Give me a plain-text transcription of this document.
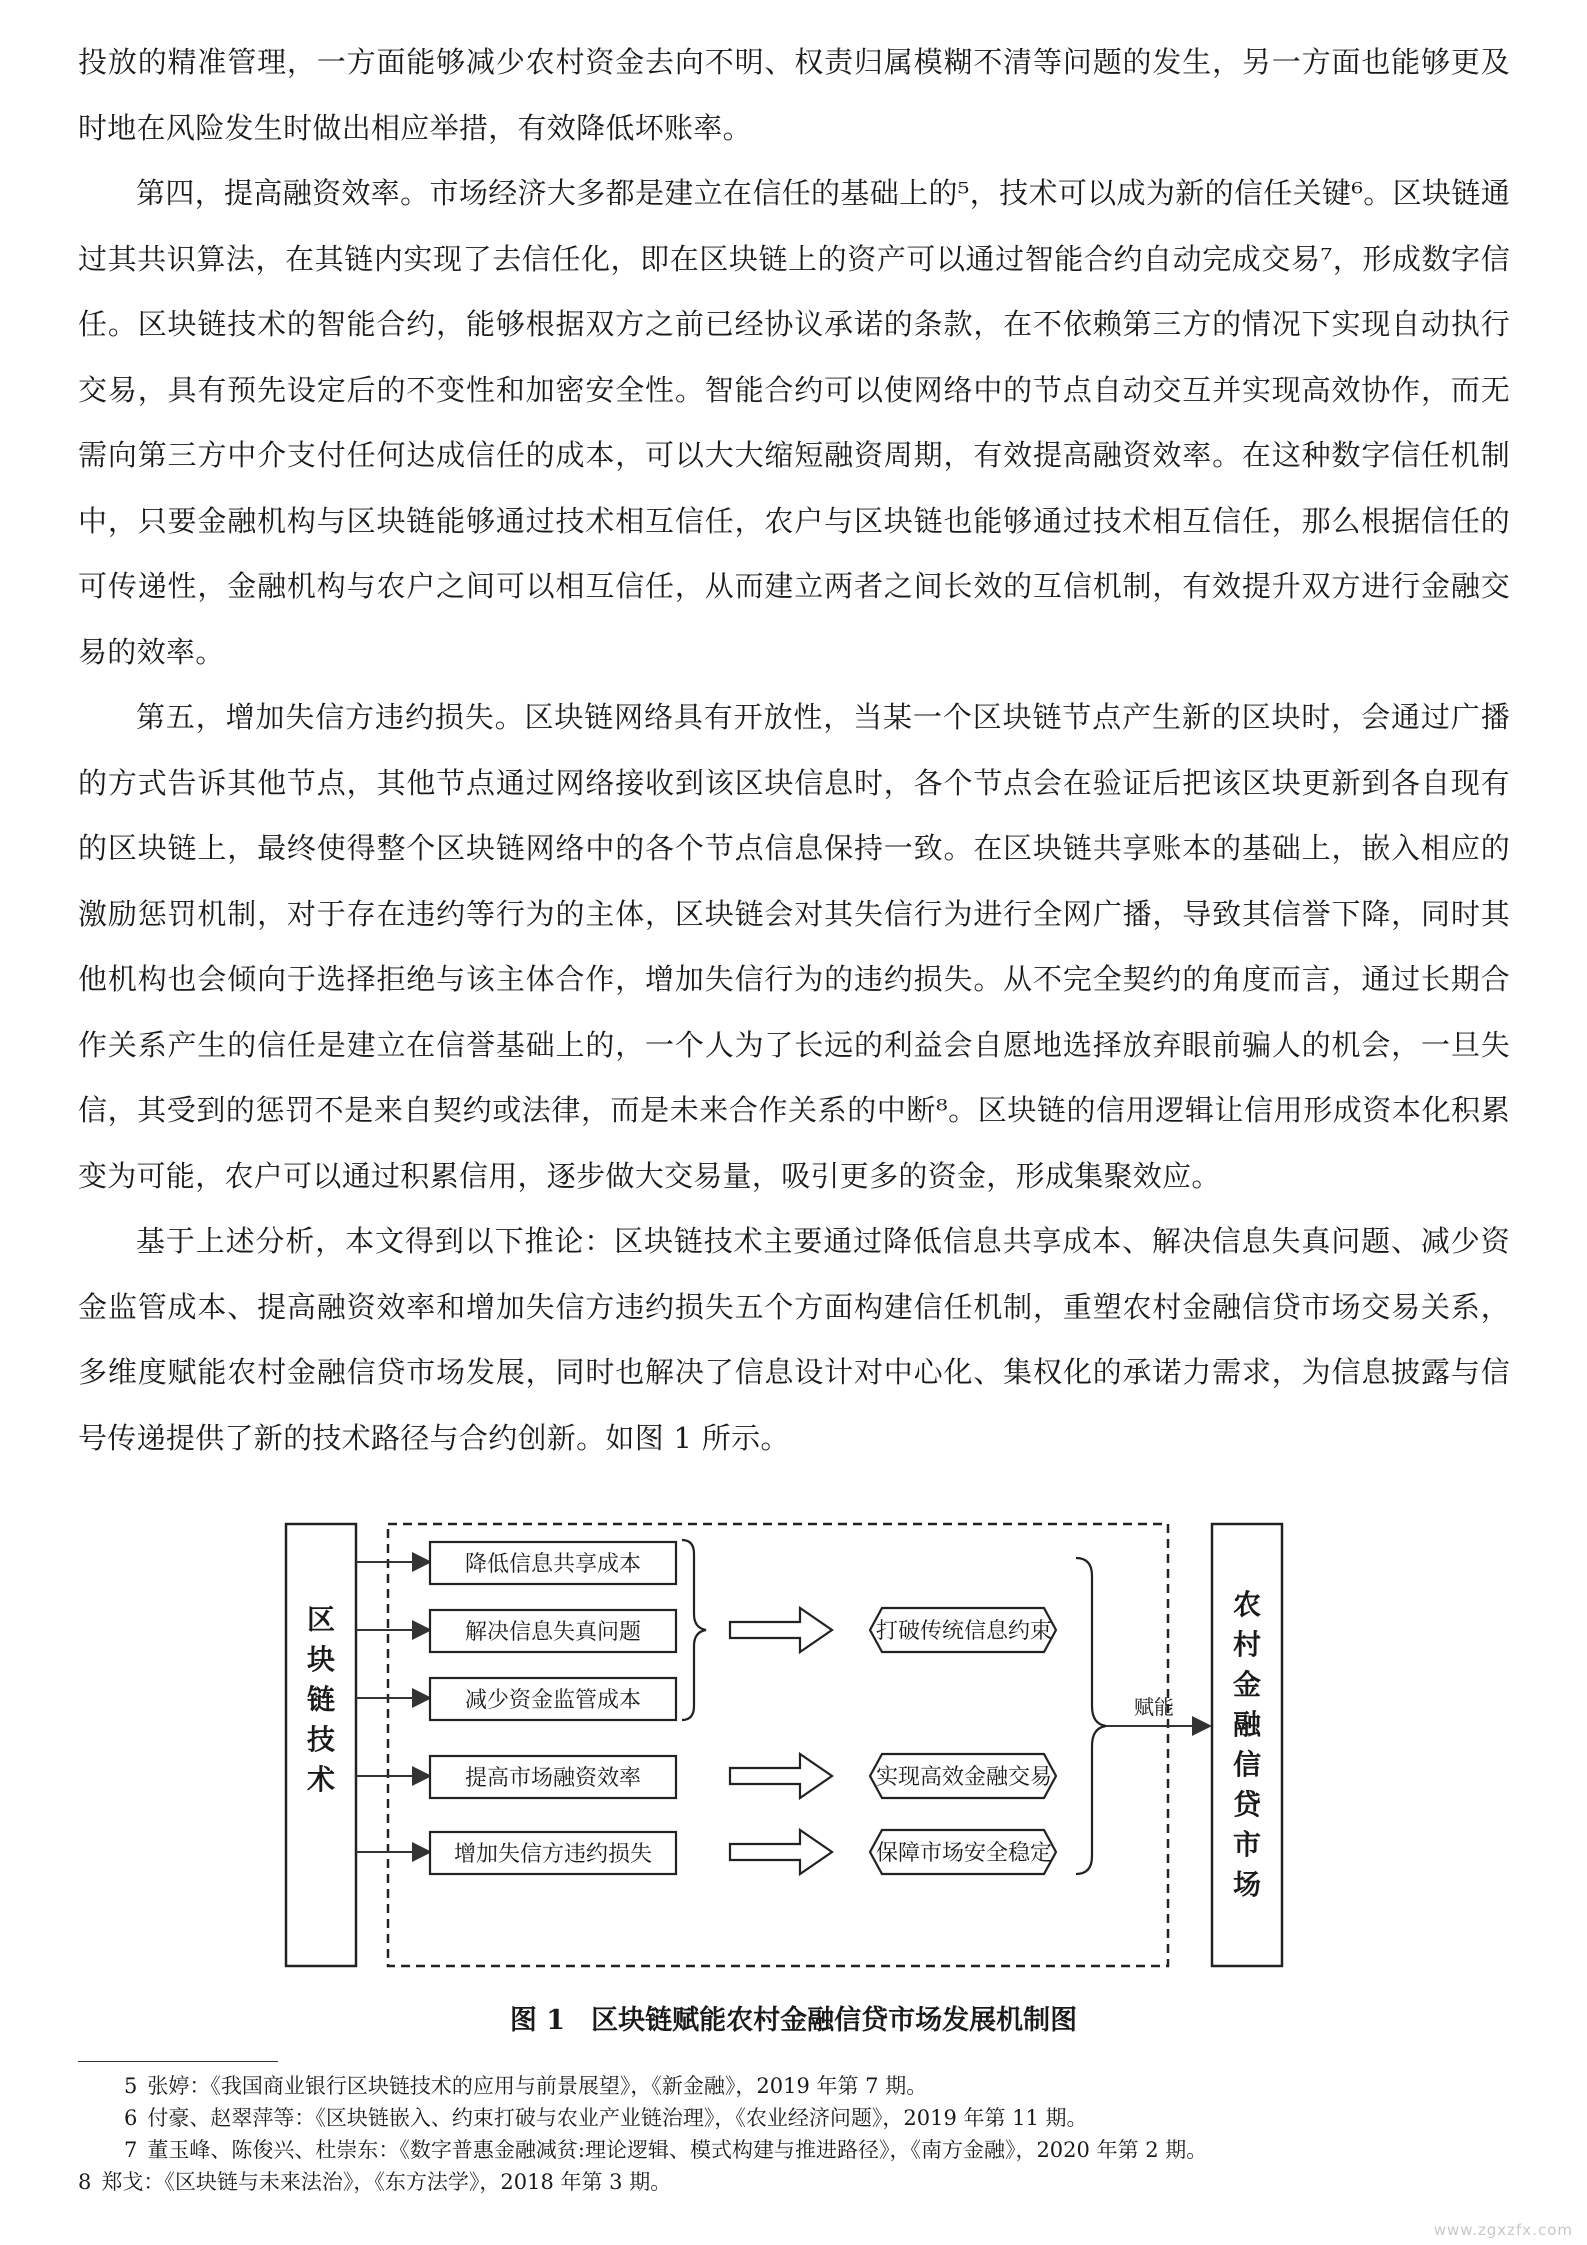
投放的精准管理，一方面能够减少农村资金去向不明、权责归属模糊不清等问题的发生，另一方面也能够更及时地在风险发生时做出相应举措，有效降低坏账率。

第四，提高融资效率。市场经济大多都是建立在信任的基础上的⁵，技术可以成为新的信任关键⁶。区块链通过其共识算法，在其链内实现了去信任化，即在区块链上的资产可以通过智能合约自动完成交易⁷，形成数字信任。区块链技术的智能合约，能够根据双方之前已经协议承诺的条款，在不依赖第三方的情况下实现自动执行交易，具有预先设定后的不变性和加密安全性。智能合约可以使网络中的节点自动交互并实现高效协作，而无需向第三方中介支付任何达成信任的成本，可以大大缩短融资周期，有效提高融资效率。在这种数字信任机制中，只要金融机构与区块链能够通过技术相互信任，农户与区块链也能够通过技术相互信任，那么根据信任的可传递性，金融机构与农户之间可以相互信任，从而建立两者之间长效的互信机制，有效提升双方进行金融交易的效率。

第五，增加失信方违约损失。区块链网络具有开放性，当某一个区块链节点产生新的区块时，会通过广播的方式告诉其他节点，其他节点通过网络接收到该区块信息时，各个节点会在验证后把该区块更新到各自现有的区块链上，最终使得整个区块链网络中的各个节点信息保持一致。在区块链共享账本的基础上，嵌入相应的激励惩罚机制，对于存在违约等行为的主体，区块链会对其失信行为进行全网广播，导致其信誉下降，同时其他机构也会倾向于选择拒绝与该主体合作，增加失信行为的违约损失。从不完全契约的角度而言，通过长期合作关系产生的信任是建立在信誉基础上的，一个人为了长远的利益会自愿地选择放弃眼前骗人的机会，一旦失信，其受到的惩罚不是来自契约或法律，而是未来合作关系的中断⁸。区块链的信用逻辑让信用形成资本化积累变为可能，农户可以通过积累信用，逐步做大交易量，吸引更多的资金，形成集聚效应。

基于上述分析，本文得到以下推论：区块链技术主要通过降低信息共享成本、解决信息失真问题、减少资金监管成本、提高融资效率和增加失信方违约损失五个方面构建信任机制，重塑农村金融信贷市场交易关系，多维度赋能农村金融信贷市场发展，同时也解决了信息设计对中心化、集权化的承诺力需求，为信息披露与信号传递提供了新的技术路径与合约创新。如图 1 所示。

区块链技术
降低信息共享成本
解决信息失真问题
减少资金监管成本
提高市场融资效率
增加失信方违约损失
打破传统信息约束
实现高效金融交易
保障市场安全稳定
赋能
农村金融信贷市场
图 1 区块链赋能农村金融信贷市场发展机制图
5 张婷：《我国商业银行区块链技术的应用与前景展望》，《新金融》，2019 年第 7 期。
6 付豪、赵翠萍等：《区块链嵌入、约束打破与农业产业链治理》，《农业经济问题》，2019 年第 11 期。
7 董玉峰、陈俊兴、杜崇东：《数字普惠金融减贫:理论逻辑、模式构建与推进路径》，《南方金融》，2020 年第 2 期。
8 郑戈：《区块链与未来法治》，《东方法学》，2018 年第 3 期。
www.zgxzfx.com
